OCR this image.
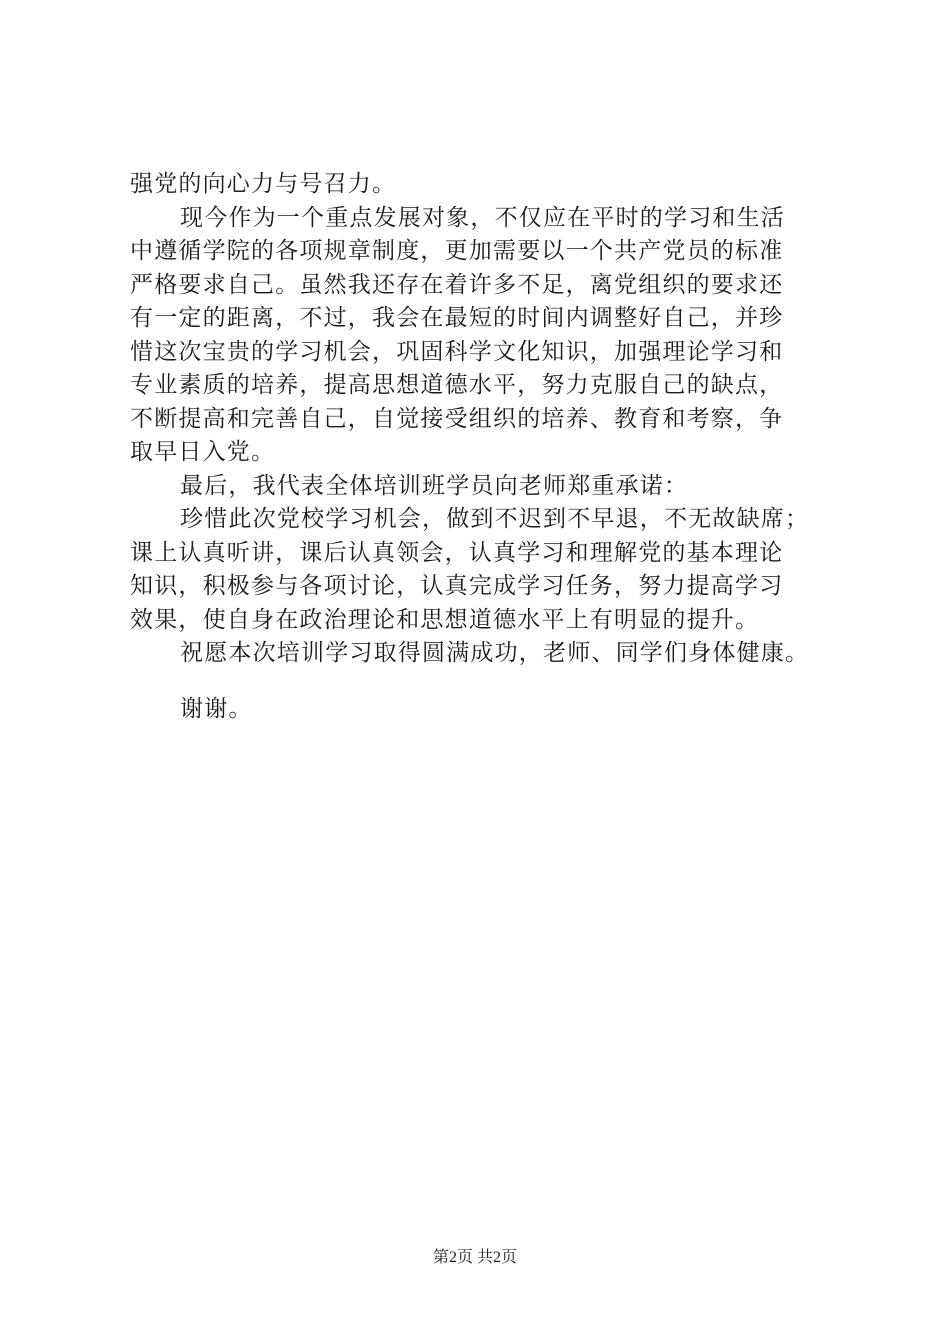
强党的向心力与号召力。
现今作为一个重点发展对象，不仅应在平时的学习和生活
中遵循学院的各项规章制度，更加需要以一个共产党员的标准
严格要求自己。虽然我还存在着许多不足，离党组织的要求还
有一定的距离，不过，我会在最短的时间内调整好自己，并珍
惜这次宝贵的学习机会，巩固科学文化知识，加强理论学习和
专业素质的培养，提高思想道德水平，努力克服自己的缺点，
不断提高和完善自己，自觉接受组织的培养、教育和考察，争
取早日入党。
最后，我代表全体培训班学员向老师郑重承诺：
珍惜此次党校学习机会，做到不迟到不早退，不无故缺席；
课上认真听讲，课后认真领会，认真学习和理解党的基本理论
知识，积极参与各项讨论，认真完成学习任务，努力提高学习
效果，使自身在政治理论和思想道德水平上有明显的提升。
祝愿本次培训学习取得圆满成功，老师、同学们身体健康。
谢谢。
第2页 共2页
